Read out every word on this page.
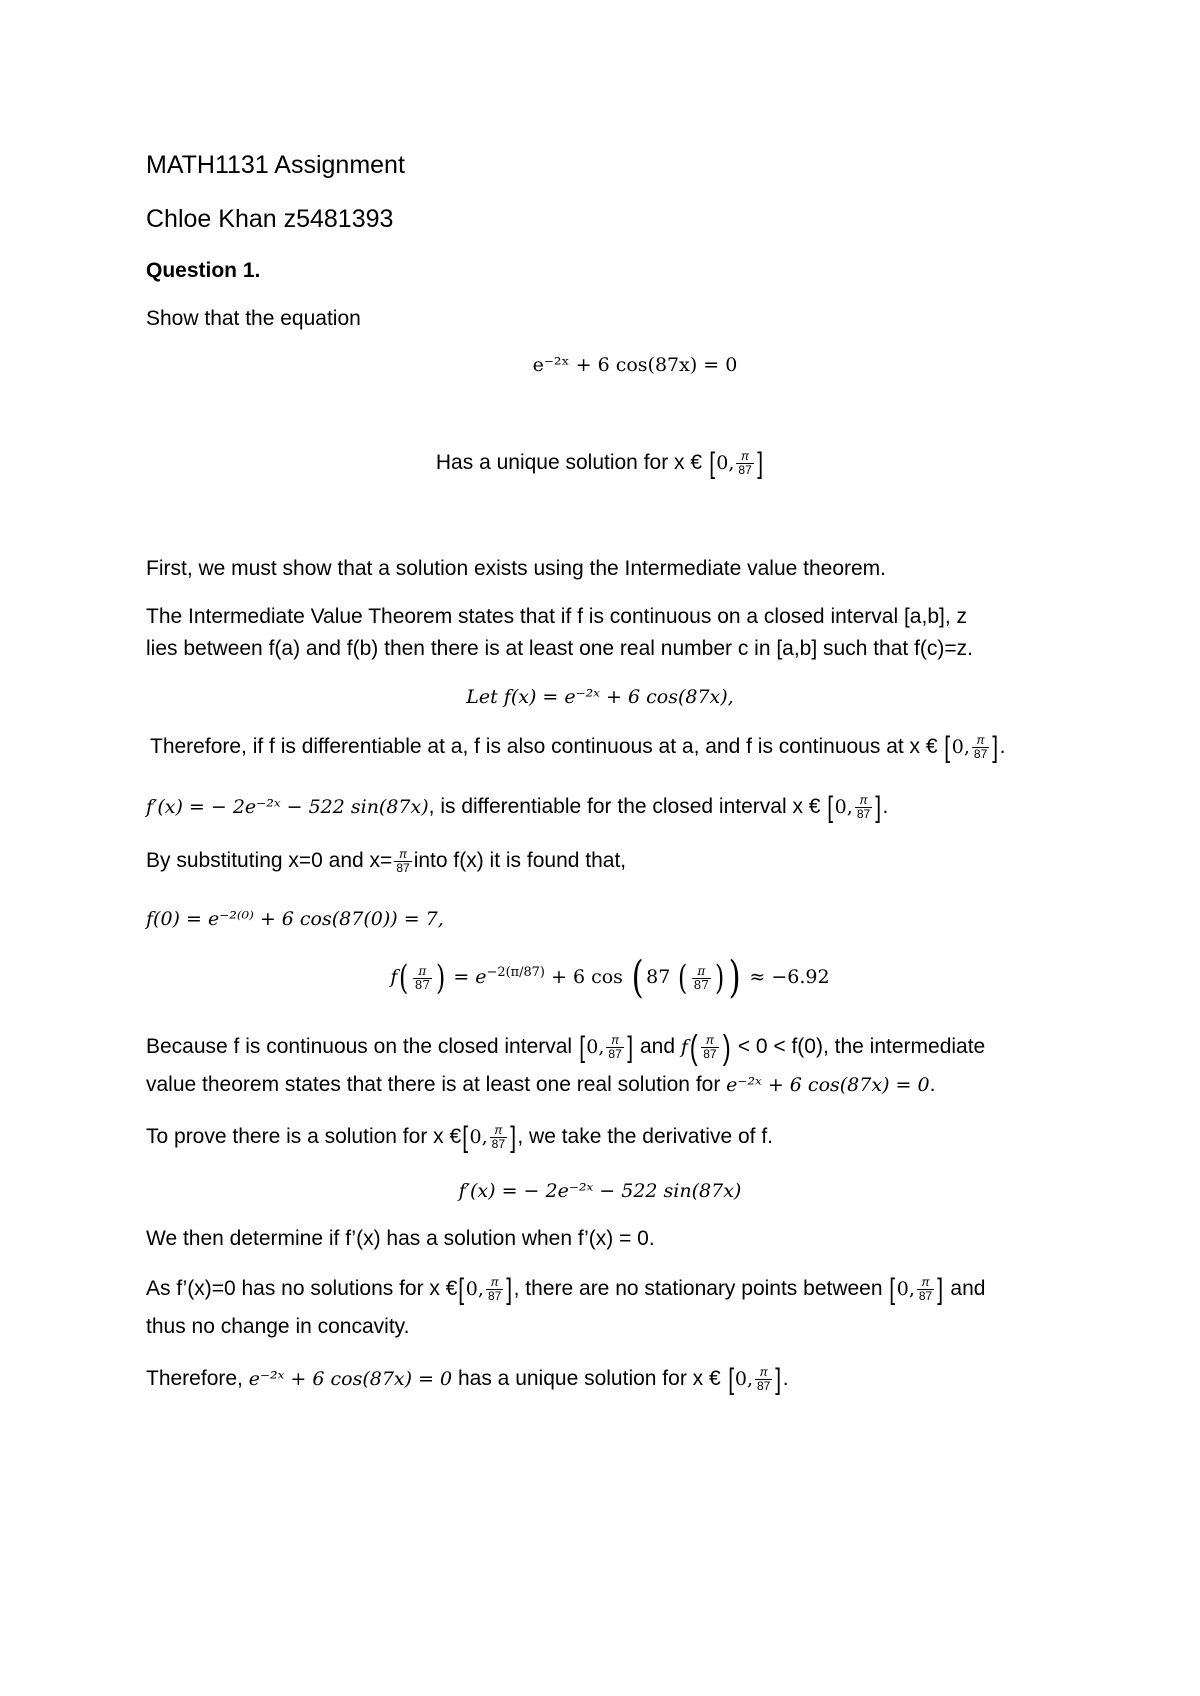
MATH1131 Assignment
Chloe Khan z5481393
Question 1.
Show that the equation
e⁻²ˣ + 6 cos(87x) = 0
Has a unique solution for x € [0, $\frac{\pi}{87}$ ]
First, we must show that a solution exists using the Intermediate value theorem.
The Intermediate Value Theorem states that if f is continuous on a closed interval [a,b], z
lies between f(a) and f(b) then there is at least one real number c in [a,b] such that f(c)=z.
Let f(x) = e⁻²ˣ + 6 cos(87x),
Therefore, if f is differentiable at a, f is also continuous at a, and f is continuous at x € [0, $\frac{\pi}{87}$ ].
f′(x) = − 2e⁻²ˣ − 522 sin(87x), is differentiable for the closed interval x € [0, $\frac{\pi}{87}$ ].
By substituting x=0 and $x= \frac{\pi}{87}$ into f(x) it is found that,
f(0) = e⁻²⁽⁰⁾ + 6 cos(87(0)) = 7,
$f( \frac{\pi}{87}$ ) = $e^{-2(\pi/87)} + 6$ cos ( 87 ( $\frac{\pi}{87}$ ) ) ≈ −6.92
Because f is continuous on the closed interval [0, $\frac{\pi}{87}$ ] and $f( \frac{\pi}{87}$ ) < 0 < f(0), the intermediate
value theorem states that there is at least one real solution for e⁻²ˣ + 6 cos(87x) = 0.
To prove there is a solution for x €[0, $\frac{\pi}{87}$ ], we take the derivative of f.
f′(x) = − 2e⁻²ˣ − 522 sin(87x)
We then determine if f’(x) has a solution when f’(x) = 0.
As f’(x)=0 has no solutions for x €[0, $\frac{\pi}{87}$ ], there are no stationary points between [0, $\frac{\pi}{87}$ ] and
thus no change in concavity.
Therefore, e⁻²ˣ + 6 cos(87x) = 0 has a unique solution for x € [0, $\frac{\pi}{87}$ ].
